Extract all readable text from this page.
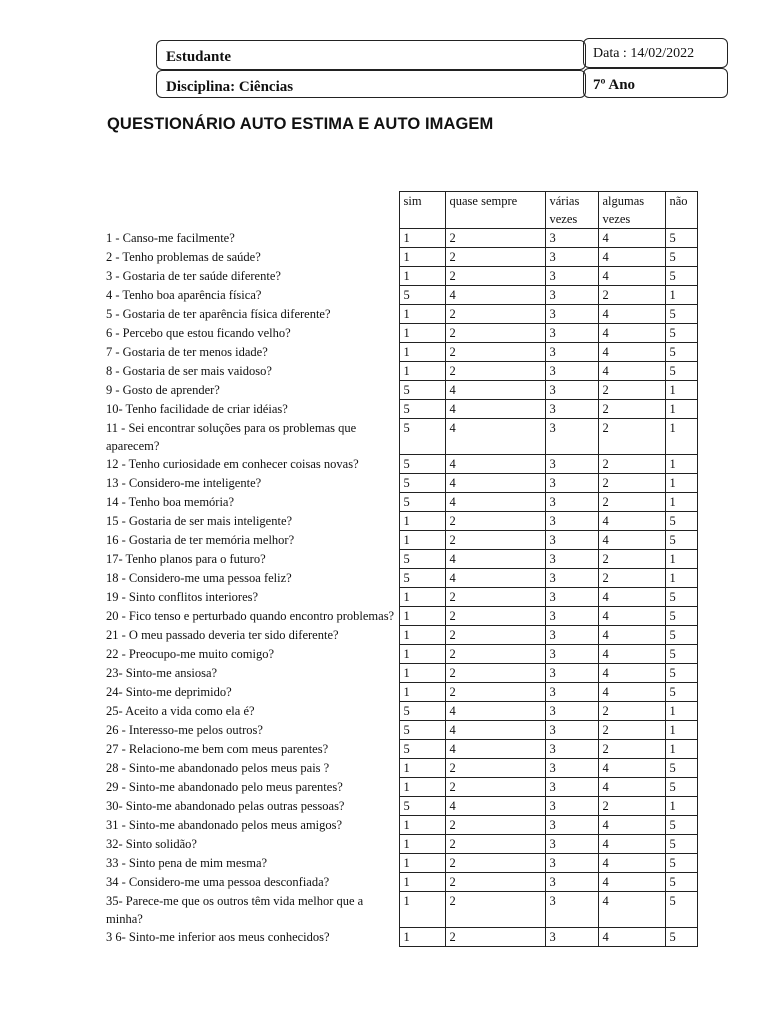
Estudante	Data : 14/02/2022
Disciplina: Ciências	7º Ano
QUESTIONÁRIO AUTO ESTIMA E AUTO IMAGEM
	sim	quase sempre	várias vezes	algumas vezes	não
1 - Canso-me facilmente?	1	2	3	4	5
2 - Tenho problemas de saúde?	1	2	3	4	5
3 - Gostaria de ter saúde diferente?	1	2	3	4	5
4 - Tenho boa aparência física?	5	4	3	2	1
5 - Gostaria de ter aparência física diferente?	1	2	3	4	5
6 - Percebo que estou ficando velho?	1	2	3	4	5
7 - Gostaria de ter menos idade?	1	2	3	4	5
8 - Gostaria de ser mais vaidoso?	1	2	3	4	5
9 - Gosto de aprender?	5	4	3	2	1
10- Tenho facilidade de criar idéias?	5	4	3	2	1
11 - Sei encontrar soluções para os problemas que aparecem?	5	4	3	2	1
12 - Tenho curiosidade em conhecer coisas novas?	5	4	3	2	1
13 - Considero-me inteligente?	5	4	3	2	1
14 - Tenho boa memória?	5	4	3	2	1
15 - Gostaria de ser mais inteligente?	1	2	3	4	5
16 - Gostaria de ter memória melhor?	1	2	3	4	5
17- Tenho planos para o futuro?	5	4	3	2	1
18 - Considero-me uma pessoa feliz?	5	4	3	2	1
19 - Sinto conflitos interiores?	1	2	3	4	5
20 - Fico tenso e perturbado quando encontro problemas?	1	2	3	4	5
21 - O meu passado deveria ter sido diferente?	1	2	3	4	5
22 - Preocupo-me muito comigo?	1	2	3	4	5
23- Sinto-me ansiosa?	1	2	3	4	5
24- Sinto-me deprimido?	1	2	3	4	5
25- Aceito a vida como ela é?	5	4	3	2	1
26 - Interesso-me pelos outros?	5	4	3	2	1
27 - Relaciono-me bem com meus parentes?	5	4	3	2	1
28 - Sinto-me abandonado pelos meus pais ?	1	2	3	4	5
29 - Sinto-me abandonado pelo meus parentes?	1	2	3	4	5
30- Sinto-me abandonado pelas outras pessoas?	5	4	3	2	1
31 - Sinto-me abandonado pelos meus amigos?	1	2	3	4	5
32- Sinto solidão?	1	2	3	4	5
33 - Sinto pena de mim mesma?	1	2	3	4	5
34 - Considero-me uma pessoa desconfiada?	1	2	3	4	5
35- Parece-me que os outros têm vida melhor que a minha?	1	2	3	4	5
3 6- Sinto-me inferior aos meus conhecidos?	1	2	3	4	5
